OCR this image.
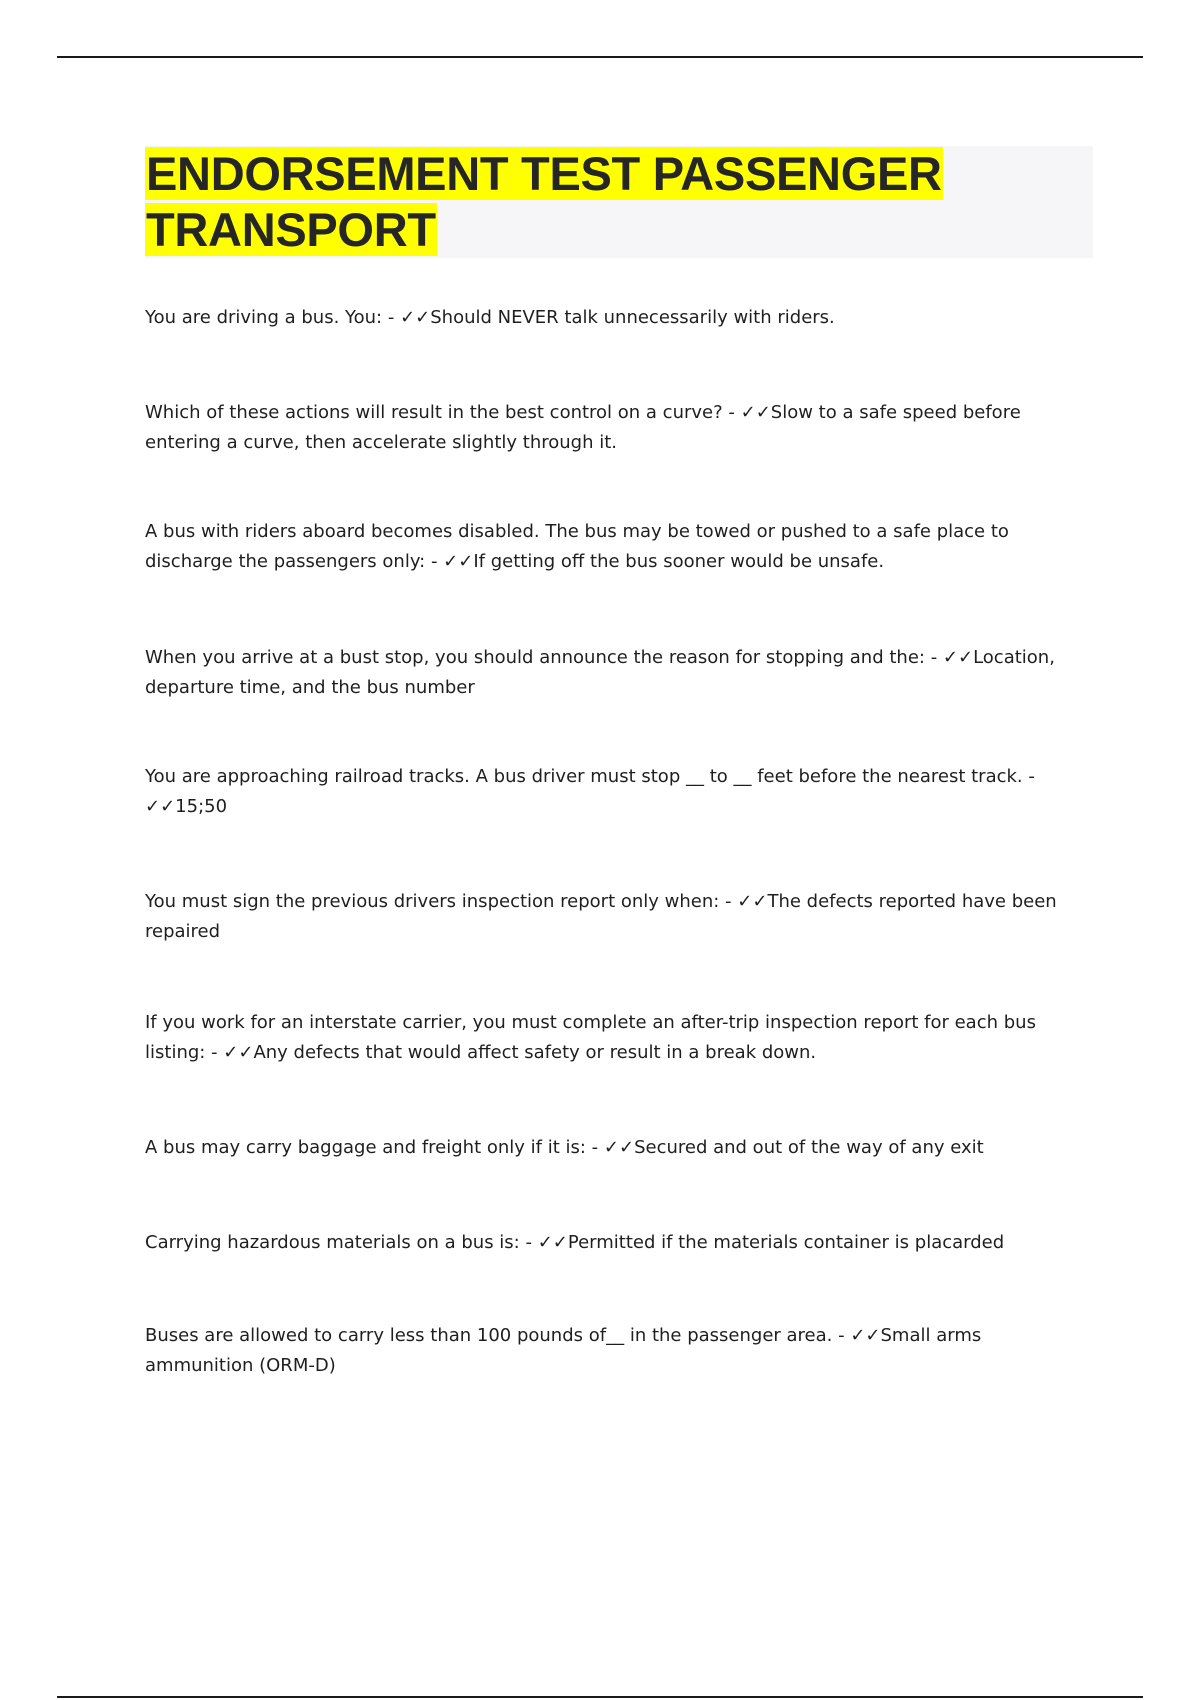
ENDORSEMENT TEST PASSENGER
TRANSPORT

You are driving a bus. You: - ✓✓Should NEVER talk unnecessarily with riders.

Which of these actions will result in the best control on a curve? - ✓✓Slow to a safe speed before entering a curve, then accelerate slightly through it.

A bus with riders aboard becomes disabled. The bus may be towed or pushed to a safe place to discharge the passengers only: - ✓✓If getting off the bus sooner would be unsafe.

When you arrive at a bust stop, you should announce the reason for stopping and the: - ✓✓Location, departure time, and the bus number

You are approaching railroad tracks. A bus driver must stop __ to __ feet before the nearest track. - ✓✓15;50

You must sign the previous drivers inspection report only when: - ✓✓The defects reported have been repaired

If you work for an interstate carrier, you must complete an after-trip inspection report for each bus listing: - ✓✓Any defects that would affect safety or result in a break down.

A bus may carry baggage and freight only if it is: - ✓✓Secured and out of the way of any exit

Carrying hazardous materials on a bus is: - ✓✓Permitted if the materials container is placarded

Buses are allowed to carry less than 100 pounds of__ in the passenger area. - ✓✓Small arms ammunition (ORM-D)
